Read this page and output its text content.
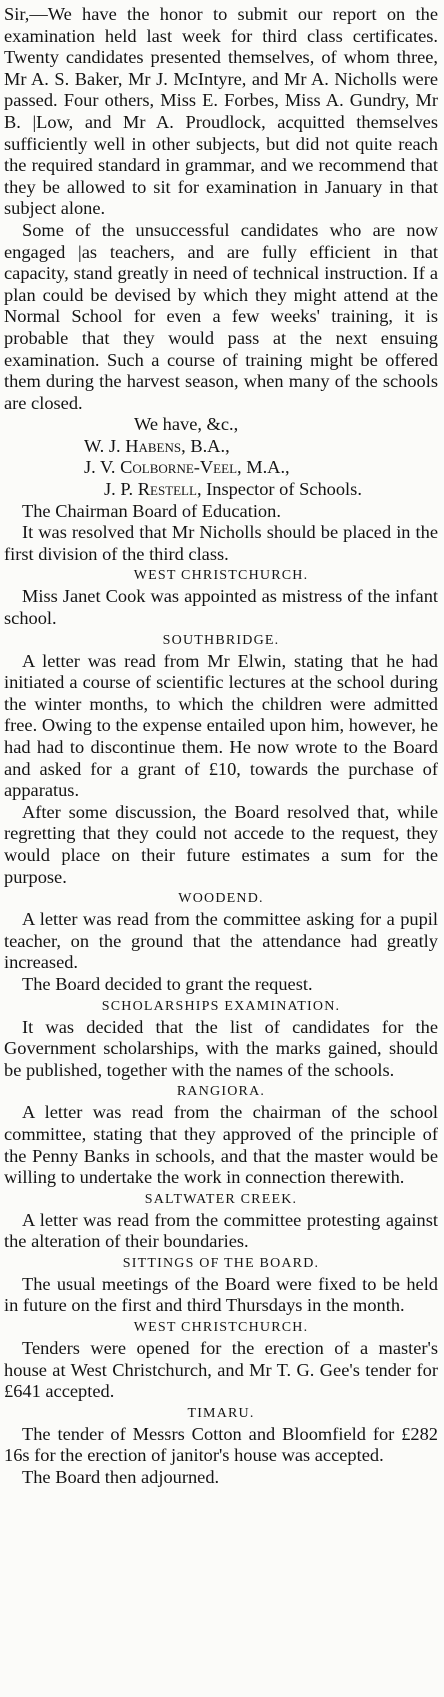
Sir,—We have the honor to submit our report on the examination held last week for third class certificates. Twenty candidates presented themselves, of whom three, Mr A. S. Baker, Mr J. McIntyre, and Mr A. Nicholls were passed. Four others, Miss E. Forbes, Miss A. Gundry, Mr B. |Low, and Mr A. Proudlock, acquitted themselves sufficiently well in other subjects, but did not quite reach the required standard in grammar, and we recommend that they be allowed to sit for examination in January in that subject alone.

Some of the unsuccessful candidates who are now engaged |as teachers, and are fully efficient in that capacity, stand greatly in need of technical instruction. If a plan could be devised by which they might attend at the Normal School for even a few weeks' training, it is probable that they would pass at the next ensuing examination. Such a course of training might be offered them during the harvest season, when many of the schools are closed.

We have, &c.,

W. J. Habens, B.A.,

J. V. Colborne-Veel, M.A.,

J. P. Restell, Inspector of Schools.

The Chairman Board of Education.

It was resolved that Mr Nicholls should be placed in the first division of the third class.

WEST CHRISTCHURCH.

Miss Janet Cook was appointed as mistress of the infant school.

SOUTHBRIDGE.

A letter was read from Mr Elwin, stating that he had initiated a course of scientific lectures at the school during the winter months, to which the children were admitted free. Owing to the expense entailed upon him, however, he had had to discontinue them. He now wrote to the Board and asked for a grant of £10, towards the purchase of apparatus.

After some discussion, the Board resolved that, while regretting that they could not accede to the request, they would place on their future estimates a sum for the purpose.

WOODEND.

A letter was read from the committee asking for a pupil teacher, on the ground that the attendance had greatly increased.

The Board decided to grant the request.

SCHOLARSHIPS EXAMINATION.

It was decided that the list of candidates for the Government scholarships, with the marks gained, should be published, together with the names of the schools.

RANGIORA.

A letter was read from the chairman of the school committee, stating that they approved of the principle of the Penny Banks in schools, and that the master would be willing to undertake the work in connection therewith.

SALTWATER CREEK.

A letter was read from the committee protesting against the alteration of their boundaries.

SITTINGS OF THE BOARD.

The usual meetings of the Board were fixed to be held in future on the first and third Thursdays in the month.

WEST CHRISTCHURCH.

Tenders were opened for the erection of a master's house at West Christchurch, and Mr T. G. Gee's tender for £641 accepted.

TIMARU.

The tender of Messrs Cotton and Bloomfield for £282 16s for the erection of janitor's house was accepted.

The Board then adjourned.
